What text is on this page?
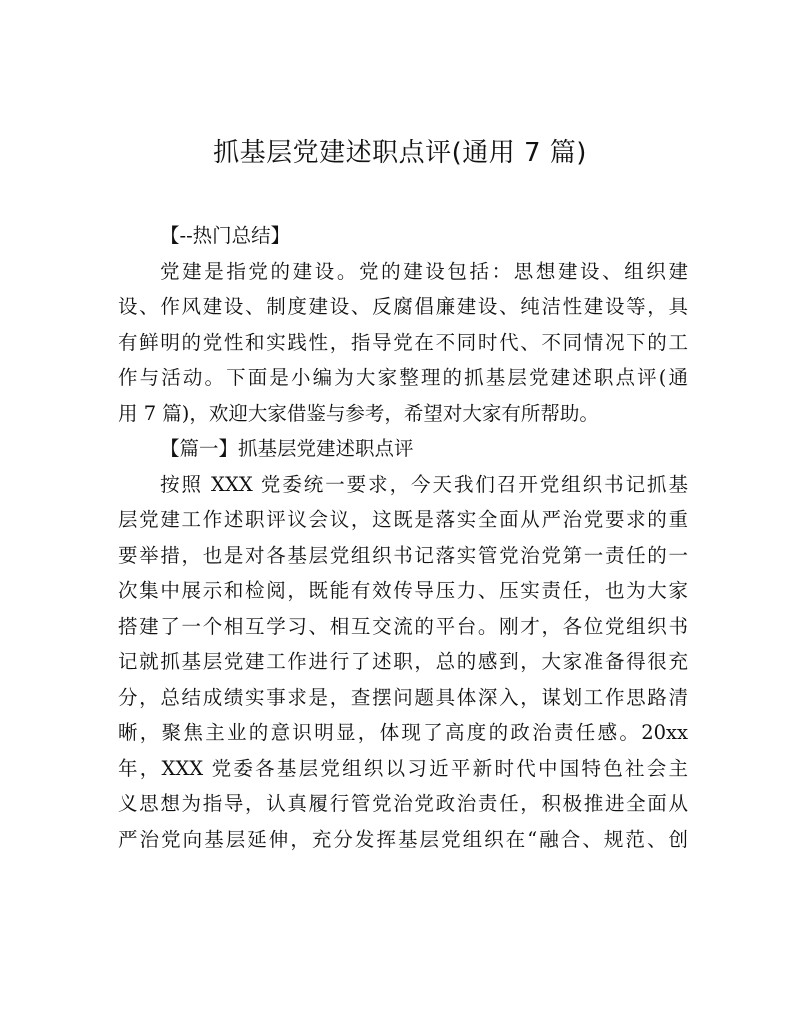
抓基层党建述职点评(通用 7 篇)
【--热门总结】
党建是指党的建设。党的建设包括：思想建设、组织建
设、作风建设、制度建设、反腐倡廉建设、纯洁性建设等，具
有鲜明的党性和实践性，指导党在不同时代、不同情况下的工
作与活动。下面是小编为大家整理的抓基层党建述职点评(通
用 7 篇)，欢迎大家借鉴与参考，希望对大家有所帮助。
【篇一】抓基层党建述职点评
按照 XXX 党委统一要求，今天我们召开党组织书记抓基
层党建工作述职评议会议，这既是落实全面从严治党要求的重
要举措，也是对各基层党组织书记落实管党治党第一责任的一
次集中展示和检阅，既能有效传导压力、压实责任，也为大家
搭建了一个相互学习、相互交流的平台。刚才，各位党组织书
记就抓基层党建工作进行了述职，总的感到，大家准备得很充
分，总结成绩实事求是，查摆问题具体深入，谋划工作思路清
晰，聚焦主业的意识明显，体现了高度的政治责任感。20xx
年，XXX 党委各基层党组织以习近平新时代中国特色社会主
义思想为指导，认真履行管党治党政治责任，积极推进全面从
严治党向基层延伸，充分发挥基层党组织在“融合、规范、创
